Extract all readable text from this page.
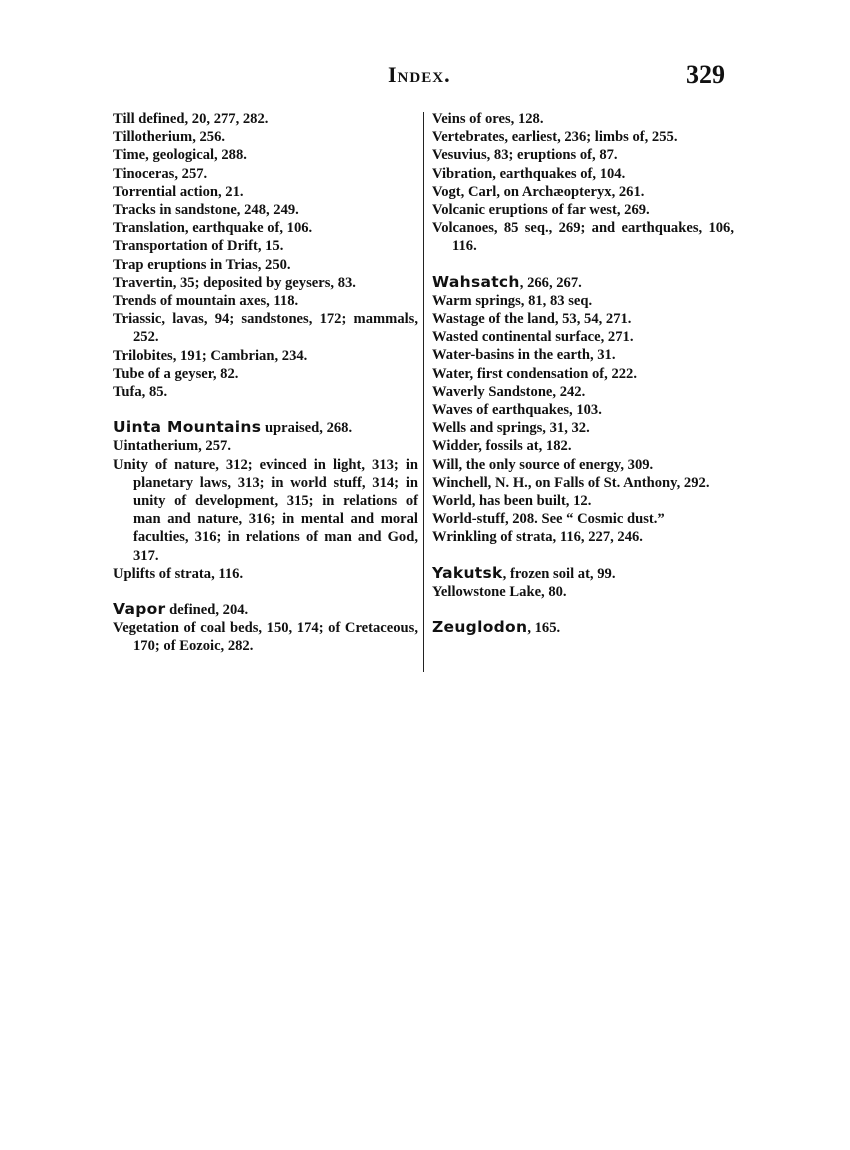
Index.	329
Till defined, 20, 277, 282.
Tillotherium, 256.
Time, geological, 288.
Tinoceras, 257.
Torrential action, 21.
Tracks in sandstone, 248, 249.
Translation, earthquake of, 106.
Transportation of Drift, 15.
Trap eruptions in Trias, 250.
Travertin, 35; deposited by geysers, 83.
Trends of mountain axes, 118.
Triassic, lavas, 94; sandstones, 172; mammals, 252.
Trilobites, 191; Cambrian, 234.
Tube of a geyser, 82.
Tufa, 85.
Uinta Mountains upraised, 268.
Uintatherium, 257.
Unity of nature, 312; evinced in light, 313; in planetary laws, 313; in world stuff, 314; in unity of development, 315; in relations of man and nature, 316; in mental and moral faculties, 316; in relations of man and God, 317.
Uplifts of strata, 116.
Vapor defined, 204.
Vegetation of coal beds, 150, 174; of Cretaceous, 170; of Eozoic, 282.
Veins of ores, 128.
Vertebrates, earliest, 236; limbs of, 255.
Vesuvius, 83; eruptions of, 87.
Vibration, earthquakes of, 104.
Vogt, Carl, on Archæopteryx, 261.
Volcanic eruptions of far west, 269.
Volcanoes, 85 seq., 269; and earthquakes, 106, 116.
Wahsatch, 266, 267.
Warm springs, 81, 83 seq.
Wastage of the land, 53, 54, 271.
Wasted continental surface, 271.
Water-basins in the earth, 31.
Water, first condensation of, 222.
Waverly Sandstone, 242.
Waves of earthquakes, 103.
Wells and springs, 31, 32.
Widder, fossils at, 182.
Will, the only source of energy, 309.
Winchell, N. H., on Falls of St. Anthony, 292.
World, has been built, 12.
World-stuff, 208. See “ Cosmic dust.”
Wrinkling of strata, 116, 227, 246.
Yakutsk, frozen soil at, 99.
Yellowstone Lake, 80.
Zeuglodon, 165.
